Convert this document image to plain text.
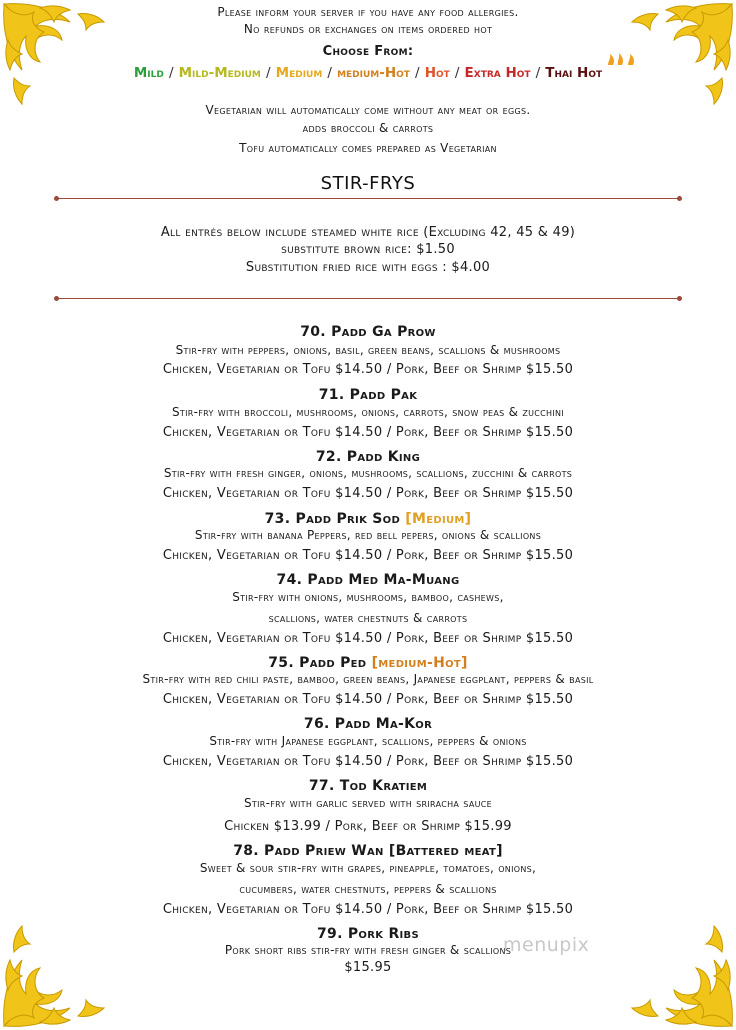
Please inform your server if you have any food allergies.
No refunds or exchanges on items ordered hot
Choose From:
Mild / Mild-Medium / Medium / medium-Hot / Hot / Extra Hot / Thai Hot
Vegetarian will automatically come without any meat or eggs.
adds broccoli & carrots
Tofu automatically comes prepared as Vegetarian
STIR-FRYS
All entrés below include steamed white rice (Excluding 42, 45 & 49)
substitute brown rice: $1.50
Substitution fried rice with eggs : $4.00
70. Padd Ga Prow
Stir-fry with peppers, onions, basil, green beans, scallions & mushrooms
Chicken, Vegetarian or Tofu $14.50 / Pork, Beef or Shrimp $15.50
71. Padd Pak
Stir-fry with broccoli, mushrooms, onions, carrots, snow peas & zucchini
Chicken, Vegetarian or Tofu $14.50 / Pork, Beef or Shrimp $15.50
72. Padd King
Stir-fry with fresh ginger, onions, mushrooms, scallions, zucchini & carrots
Chicken, Vegetarian or Tofu $14.50 / Pork, Beef or Shrimp $15.50
73. Padd Prik Sod [Medium]
Stir-fry with banana Peppers, red bell pepers, onions & scallions
Chicken, Vegetarian or Tofu $14.50 / Pork, Beef or Shrimp $15.50
74. Padd Med Ma-Muang
Stir-fry with onions, mushrooms, bamboo, cashews,
scallions, water chestnuts & carrots
Chicken, Vegetarian or Tofu $14.50 / Pork, Beef or Shrimp $15.50
75. Padd Ped [medium-Hot]
Stir-fry with red chili paste, bamboo, green beans, Japanese eggplant, peppers & basil
Chicken, Vegetarian or Tofu $14.50 / Pork, Beef or Shrimp $15.50
76. Padd Ma-Kor
Stir-fry with Japanese eggplant, scallions, peppers & onions
Chicken, Vegetarian or Tofu $14.50 / Pork, Beef or Shrimp $15.50
77. Tod Kratiem
Stir-fry with garlic served with sriracha sauce
Chicken $13.99 / Pork, Beef or Shrimp $15.99
78. Padd Priew Wan [Battered meat]
Sweet & sour stir-fry with grapes, pineapple, tomatoes, onions,
cucumbers, water chestnuts, peppers & scallions
Chicken, Vegetarian or Tofu $14.50 / Pork, Beef or Shrimp $15.50
79. Pork Ribs
Pork short ribs stir-fry with fresh ginger & scallions
$15.95
menupix
